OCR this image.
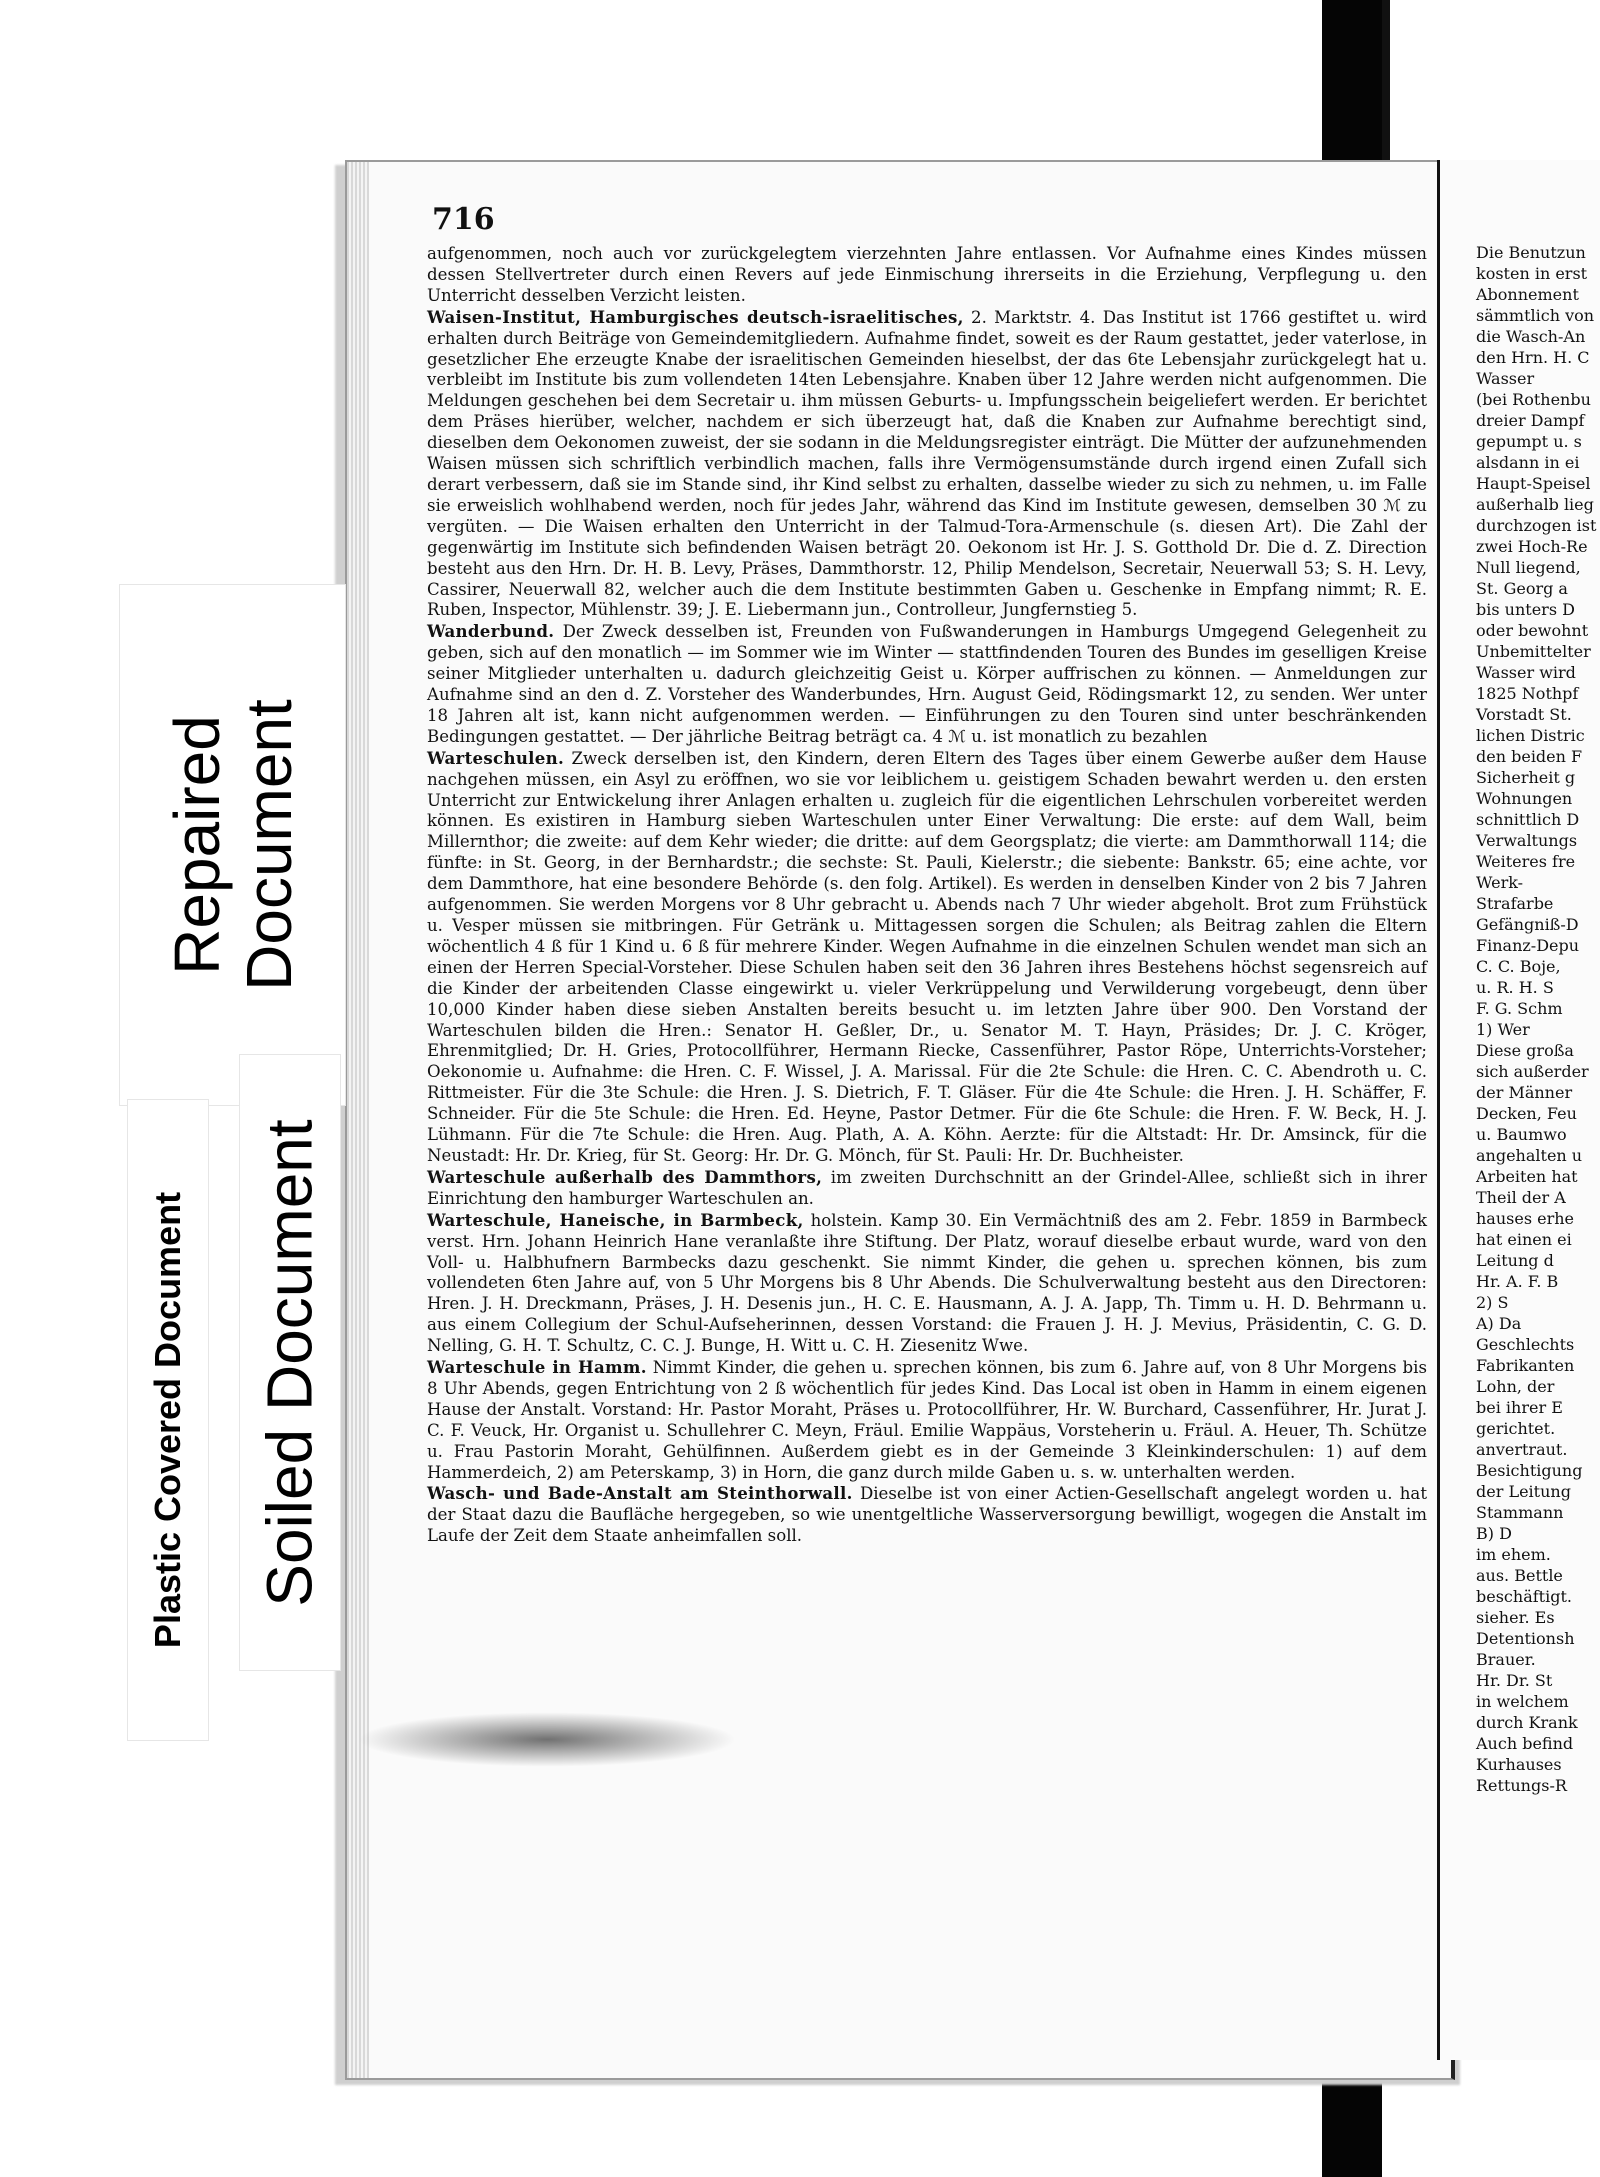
716

aufgenommen, noch auch vor zurückgelegtem vierzehnten Jahre entlassen. Vor Aufnahme eines Kindes müssen dessen Stellvertreter durch einen Revers auf jede Einmischung ihrerseits in die Erziehung, Verpflegung u. den Unterricht desselben Verzicht leisten.

Waisen-Institut, Hamburgisches deutsch-israelitisches, 2. Marktstr. 4. Das Institut ist 1766 gestiftet u. wird erhalten durch Beiträge von Gemeindemitgliedern. Aufnahme findet, soweit es der Raum gestattet, jeder vaterlose, in gesetzlicher Ehe erzeugte Knabe der israelitischen Gemeinden hieselbst, der das 6te Lebensjahr zurückgelegt hat u. verbleibt im Institute bis zum vollendeten 14ten Lebensjahre. Knaben über 12 Jahre werden nicht aufgenommen. Die Meldungen geschehen bei dem Secretair u. ihm müssen Geburts- u. Impfungsschein beigeliefert werden. Er berichtet dem Präses hierüber, welcher, nachdem er sich überzeugt hat, daß die Knaben zur Aufnahme berechtigt sind, dieselben dem Oekonomen zuweist, der sie sodann in die Meldungsregister einträgt. Die Mütter der aufzunehmenden Waisen müssen sich schriftlich verbindlich machen, falls ihre Vermögensumstände durch irgend einen Zufall sich derart verbessern, daß sie im Stande sind, ihr Kind selbst zu erhalten, dasselbe wieder zu sich zu nehmen, u. im Falle sie erweislich wohlhabend werden, noch für jedes Jahr, während das Kind im Institute gewesen, demselben 30 ℳ zu vergüten. — Die Waisen erhalten den Unterricht in der Talmud-Tora-Armenschule (s. diesen Art). Die Zahl der gegenwärtig im Institute sich befindenden Waisen beträgt 20. Oekonom ist Hr. J. S. Gotthold Dr. Die d. Z. Direction besteht aus den Hrn. Dr. H. B. Levy, Präses, Dammthorstr. 12, Philip Mendelson, Secretair, Neuerwall 53; S. H. Levy, Cassirer, Neuerwall 82, welcher auch die dem Institute bestimmten Gaben u. Geschenke in Empfang nimmt; R. E. Ruben, Inspector, Mühlenstr. 39; J. E. Liebermann jun., Controlleur, Jungfernstieg 5.

Wanderbund. Der Zweck desselben ist, Freunden von Fußwanderungen in Hamburgs Umgegend Gelegenheit zu geben, sich auf den monatlich — im Sommer wie im Winter — stattfindenden Touren des Bundes im geselligen Kreise seiner Mitglieder unterhalten u. dadurch gleichzeitig Geist u. Körper auffrischen zu können. — Anmeldungen zur Aufnahme sind an den d. Z. Vorsteher des Wanderbundes, Hrn. August Geid, Rödingsmarkt 12, zu senden. Wer unter 18 Jahren alt ist, kann nicht aufgenommen werden. — Einführungen zu den Touren sind unter beschränkenden Bedingungen gestattet. — Der jährliche Beitrag beträgt ca. 4 ℳ u. ist monatlich zu bezahlen

Warteschulen. Zweck derselben ist, den Kindern, deren Eltern des Tages über einem Gewerbe außer dem Hause nachgehen müssen, ein Asyl zu eröffnen, wo sie vor leiblichem u. geistigem Schaden bewahrt werden u. den ersten Unterricht zur Entwickelung ihrer Anlagen erhalten u. zugleich für die eigentlichen Lehrschulen vorbereitet werden können. Es existiren in Hamburg sieben Warteschulen unter Einer Verwaltung: Die erste: auf dem Wall, beim Millernthor; die zweite: auf dem Kehr wieder; die dritte: auf dem Georgsplatz; die vierte: am Dammthorwall 114; die fünfte: in St. Georg, in der Bernhardstr.; die sechste: St. Pauli, Kielerstr.; die siebente: Bankstr. 65; eine achte, vor dem Dammthore, hat eine besondere Behörde (s. den folg. Artikel). Es werden in denselben Kinder von 2 bis 7 Jahren aufgenommen. Sie werden Morgens vor 8 Uhr gebracht u. Abends nach 7 Uhr wieder abgeholt. Brot zum Frühstück u. Vesper müssen sie mitbringen. Für Getränk u. Mittagessen sorgen die Schulen; als Beitrag zahlen die Eltern wöchentlich 4 ß für 1 Kind u. 6 ß für mehrere Kinder. Wegen Aufnahme in die einzelnen Schulen wendet man sich an einen der Herren Special-Vorsteher. Diese Schulen haben seit den 36 Jahren ihres Bestehens höchst segensreich auf die Kinder der arbeitenden Classe eingewirkt u. vieler Verkrüppelung und Verwilderung vorgebeugt, denn über 10,000 Kinder haben diese sieben Anstalten bereits besucht u. im letzten Jahre über 900. Den Vorstand der Warteschulen bilden die Hren.: Senator H. Geßler, Dr., u. Senator M. T. Hayn, Präsides; Dr. J. C. Kröger, Ehrenmitglied; Dr. H. Gries, Protocollführer, Hermann Riecke, Cassenführer, Pastor Röpe, Unterrichts-Vorsteher; Oekonomie u. Aufnahme: die Hren. C. F. Wissel, J. A. Marissal. Für die 2te Schule: die Hren. C. C. Abendroth u. C. Rittmeister. Für die 3te Schule: die Hren. J. S. Dietrich, F. T. Gläser. Für die 4te Schule: die Hren. J. H. Schäffer, F. Schneider. Für die 5te Schule: die Hren. Ed. Heyne, Pastor Detmer. Für die 6te Schule: die Hren. F. W. Beck, H. J. Lühmann. Für die 7te Schule: die Hren. Aug. Plath, A. A. Köhn. Aerzte: für die Altstadt: Hr. Dr. Amsinck, für die Neustadt: Hr. Dr. Krieg, für St. Georg: Hr. Dr. G. Mönch, für St. Pauli: Hr. Dr. Buchheister.

Warteschule außerhalb des Dammthors, im zweiten Durchschnitt an der Grindel-Allee, schließt sich in ihrer Einrichtung den hamburger Warteschulen an.

Warteschule, Haneische, in Barmbeck, holstein. Kamp 30. Ein Vermächtniß des am 2. Febr. 1859 in Barmbeck verst. Hrn. Johann Heinrich Hane veranlaßte ihre Stiftung. Der Platz, worauf dieselbe erbaut wurde, ward von den Voll- u. Halbhufnern Barmbecks dazu geschenkt. Sie nimmt Kinder, die gehen u. sprechen können, bis zum vollendeten 6ten Jahre auf, von 5 Uhr Morgens bis 8 Uhr Abends. Die Schulverwaltung besteht aus den Directoren: Hren. J. H. Dreckmann, Präses, J. H. Desenis jun., H. C. E. Hausmann, A. J. A. Japp, Th. Timm u. H. D. Behrmann u. aus einem Collegium der Schul-Aufseherinnen, dessen Vorstand: die Frauen J. H. J. Mevius, Präsidentin, C. G. D. Nelling, G. H. T. Schultz, C. C. J. Bunge, H. Witt u. C. H. Ziesenitz Wwe.

Warteschule in Hamm. Nimmt Kinder, die gehen u. sprechen können, bis zum 6. Jahre auf, von 8 Uhr Morgens bis 8 Uhr Abends, gegen Entrichtung von 2 ß wöchentlich für jedes Kind. Das Local ist oben in Hamm in einem eigenen Hause der Anstalt. Vorstand: Hr. Pastor Moraht, Präses u. Protocollführer, Hr. W. Burchard, Cassenführer, Hr. Jurat J. C. F. Veuck, Hr. Organist u. Schullehrer C. Meyn, Fräul. Emilie Wappäus, Vorsteherin u. Fräul. A. Heuer, Th. Schütze u. Frau Pastorin Moraht, Gehülfinnen. Außerdem giebt es in der Gemeinde 3 Kleinkinderschulen: 1) auf dem Hammerdeich, 2) am Peterskamp, 3) in Horn, die ganz durch milde Gaben u. s. w. unterhalten werden.

Wasch- und Bade-Anstalt am Steinthorwall. Dieselbe ist von einer Actien-Gesellschaft angelegt worden u. hat der Staat dazu die Baufläche hergegeben, so wie unentgeltliche Wasserversorgung bewilligt, wogegen die Anstalt im Laufe der Zeit dem Staate anheimfallen soll.

Die Benutzun
kosten in erst
Abonnement
sämmtlich von
die Wasch-An
den Hrn. H. C
Wasser
(bei Rothenbu
dreier Dampf
gepumpt u. s
alsdann in ei
Haupt-Speisel
außerhalb lieg
durchzogen ist
zwei Hoch-Re
Null liegend,
St. Georg a
bis unters D
oder bewohnt
Unbemittelter
Wasser wird
1825 Nothpf
Vorstadt St.
lichen Distric
den beiden F
Sicherheit g
Wohnungen
schnittlich D
Verwaltungs
Weiteres fre
Werk-
Strafarbe
Gefängniß-D
Finanz-Depu
C. C. Boje,
u. R. H. S
F. G. Schm
1) Wer
Diese großa
sich außerder
der Männer
Decken, Feu
u. Baumwo
angehalten u
Arbeiten hat
Theil der A
hauses erhe
hat einen ei
Leitung d
Hr. A. F. B
2) S
A) Da
Geschlechts
Fabrikanten
Lohn, der
bei ihrer E
gerichtet.
anvertraut.
Besichtigung
der Leitung
Stammann
B) D
im ehem.
aus. Bettle
beschäftigt.
sieher. Es
Detentionsh
Brauer.
Hr. Dr. St
in welchem
durch Krank
Auch befind
Kurhauses
Rettungs-R
Repaired Document
Soiled Document
Plastic Covered Document
